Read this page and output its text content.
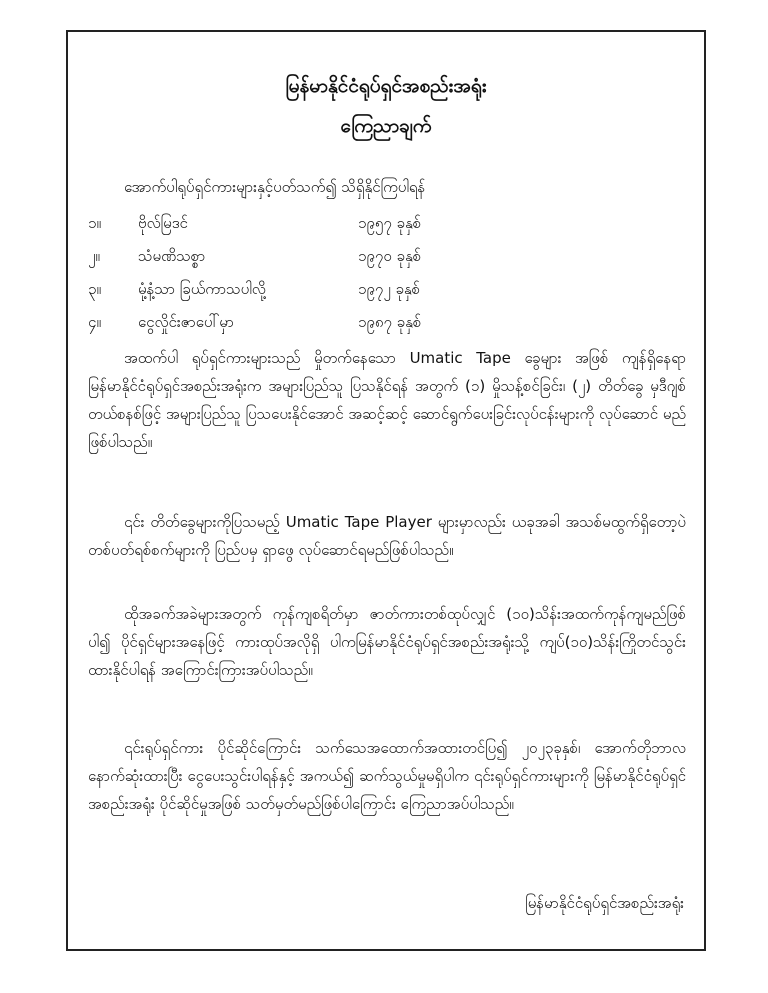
မြန်မာနိုင်ငံရုပ်ရှင်အစည်းအရုံး
ကြေညာချက်
အောက်ပါရုပ်ရှင်ကားများနှင့်ပတ်သက်၍ သိရှိနိုင်ကြပါရန်
၁။ ဗိုလ်မြဒင်	၁၉၅၇ ခုနှစ်
၂။	သံမဏိသစ္စာ	၁၉၇၀ ခုနှစ်
၃။ မုံ့နံ့သာ ခြယ်ကာသပါလို့	၁၉၇၂ ခုနှစ်
၄။ ငွေလှိုင်းဇာပေါ်မှာ	၁၉၈၇ ခုနှစ်

အထက်ပါ ရုပ်ရှင်ကားများသည် မှိုတက်နေသော Umatic Tape ခွေများ အဖြစ် ကျန်ရှိနေရာ မြန်မာနိုင်ငံရုပ်ရှင်အစည်းအရုံးက အများပြည်သူ ပြသနိုင်ရန် အတွက် (၁) မှိုသန့်စင်ခြင်း၊ (၂) တိတ်ခွေ မှဒီဂျစ်တယ်စနစ်ဖြင့် အများပြည်သူ ပြသပေးနိုင်အောင် အဆင့်ဆင့် ဆောင်ရွက်ပေးခြင်းလုပ်ငန်းများကို လုပ်ဆောင် မည်ဖြစ်ပါသည်။

၎င်း တိတ်ခွေများကိုပြသမည့် Umatic Tape Player များမှာလည်း ယခုအခါ အသစ်မထွက်ရှိတော့ပဲ တစ်ပတ်ရစ်စက်များကို ပြည်ပမှ ရှာဖွေ လုပ်ဆောင်ရမည်ဖြစ်ပါသည်။

ထိုအခက်အခဲများအတွက် ကုန်ကျစရိတ်မှာ ဇာတ်ကားတစ်ထုပ်လျှင် (၁၀)သိန်းအထက်ကုန်ကျမည်ဖြစ်ပါ၍ ပိုင်ရှင်များအနေဖြင့် ကားထုပ်အလိုရှိ ပါကမြန်မာနိုင်ငံရုပ်ရှင်အစည်းအရုံးသို့ ကျပ်(၁၀)သိန်းကြိုတင်သွင်းထားနိုင်ပါရန် အကြောင်းကြားအပ်ပါသည်။

၎င်းရုပ်ရှင်ကား ပိုင်ဆိုင်ကြောင်း သက်သေအထောက်အထားတင်ပြ၍ ၂၀၂၃ခုနှစ်၊ အောက်တိုဘာလ နောက်ဆုံးထားပြီး ငွေပေးသွင်းပါရန်နှင့် အကယ်၍ ဆက်သွယ်မှုမရှိပါက ၎င်းရုပ်ရှင်ကားများကို မြန်မာနိုင်ငံရုပ်ရှင်အစည်းအရုံး ပိုင်ဆိုင်မှုအဖြစ် သတ်မှတ်မည်ဖြစ်ပါကြောင်း ကြေညာအပ်ပါသည်။

မြန်မာနိုင်ငံရုပ်ရှင်အစည်းအရုံး
